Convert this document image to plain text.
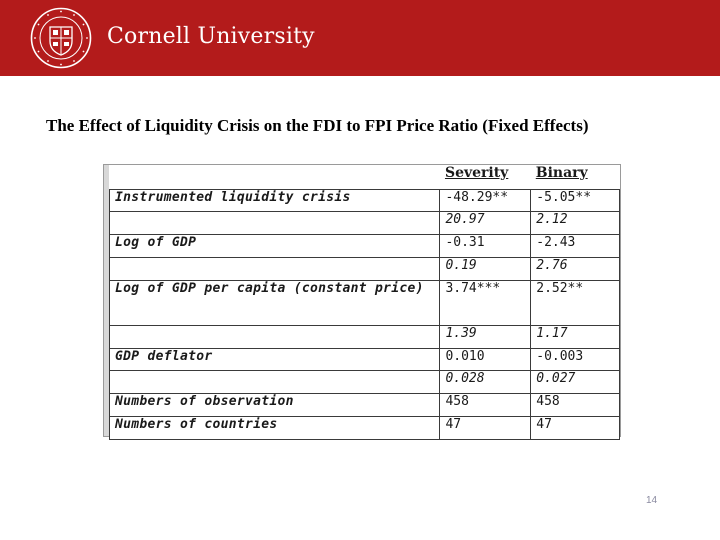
Cornell University
The Effect of Liquidity Crisis on the FDI to FPI Price Ratio (Fixed Effects)
	Severity	Binary
Instrumented liquidity crisis	-48.29**	-5.05**
	20.97	2.12
Log of GDP	-0.31	-2.43
	0.19	2.76
Log of GDP per capita (constant price)	3.74***	2.52**
	1.39	1.17
GDP deflator	0.010	-0.003
	0.028	0.027
Numbers of observation	458	458
Numbers of countries	47	47
14
